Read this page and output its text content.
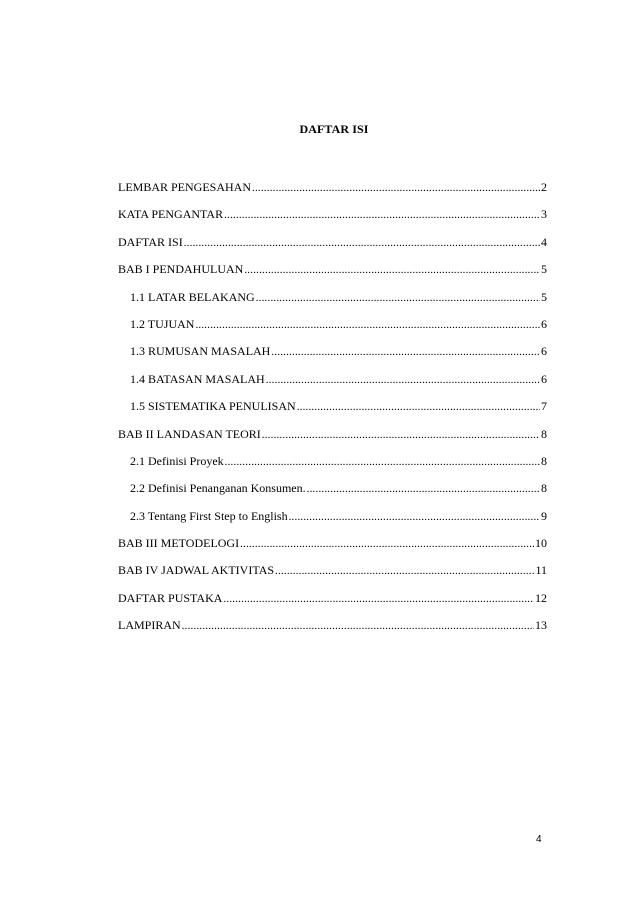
DAFTAR ISI
LEMBAR PENGESAHAN .....	2
KATA PENGANTAR .....	3
DAFTAR ISI .....	4
BAB I PENDAHULUAN .....	5
1.1 LATAR BELAKANG .....	5
1.2 TUJUAN .....	6
1.3 RUMUSAN MASALAH .....	6
1.4 BATASAN MASALAH .....	6
1.5 SISTEMATIKA PENULISAN .....	7
BAB II LANDASAN TEORI .....	8
2.1 Definisi Proyek .....	8
2.2 Definisi Penanganan Konsumen. .....	8
2.3 Tentang First Step to English .....	9
BAB III METODELOGI .....	10
BAB IV JADWAL AKTIVITAS .....	11
DAFTAR PUSTAKA .....	12
LAMPIRAN .....	13
4
